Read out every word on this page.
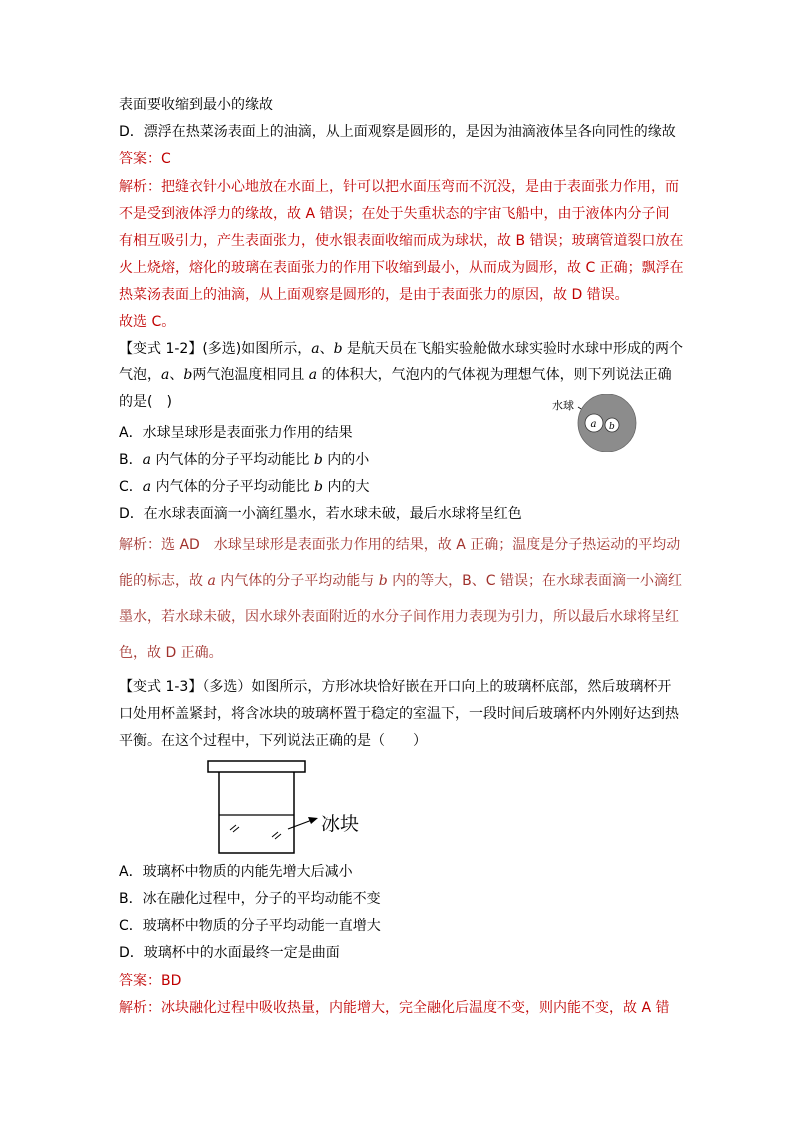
表面要收缩到最小的缘故
D．漂浮在热菜汤表面上的油滴，从上面观察是圆形的，是因为油滴液体呈各向同性的缘故
答案：C
解析：把缝衣针小心地放在水面上，针可以把水面压弯而不沉没，是由于表面张力作用，而
不是受到液体浮力的缘故，故 A 错误；在处于失重状态的宇宙飞船中，由于液体内分子间
有相互吸引力，产生表面张力，使水银表面收缩而成为球状，故 B 错误；玻璃管道裂口放在
火上烧熔，熔化的玻璃在表面张力的作用下收缩到最小，从而成为圆形，故 C 正确；飘浮在
热菜汤表面上的油滴，从上面观察是圆形的，是由于表面张力的原因，故 D 错误。
故选 C。
【变式 1-2】(多选)如图所示，a、b 是航天员在飞船实验舱做水球实验时水球中形成的两个
气泡，a、b两气泡温度相同且 a 的体积大，气泡内的气体视为理想气体，则下列说法正确
的是(　)	水球
a b
A．水球呈球形是表面张力作用的结果
B．a 内气体的分子平均动能比 b 内的小
C．a 内气体的分子平均动能比 b 内的大
D．在水球表面滴一小滴红墨水，若水球未破，最后水球将呈红色
解析：选 AD　水球呈球形是表面张力作用的结果，故 A 正确；温度是分子热运动的平均动
能的标志，故 a 内气体的分子平均动能与 b 内的等大，B、C 错误；在水球表面滴一小滴红
墨水，若水球未破，因水球外表面附近的水分子间作用力表现为引力，所以最后水球将呈红
色，故 D 正确。
【变式 1-3】（多选）如图所示，方形冰块恰好嵌在开口向上的玻璃杯底部，然后玻璃杯开
口处用杯盖紧封，将含冰块的玻璃杯置于稳定的室温下，一段时间后玻璃杯内外刚好达到热
平衡。在这个过程中，下列说法正确的是（　　）
冰块
A．玻璃杯中物质的内能先增大后减小
B．冰在融化过程中，分子的平均动能不变
C．玻璃杯中物质的分子平均动能一直增大
D．玻璃杯中的水面最终一定是曲面
答案：BD
解析：冰块融化过程中吸收热量，内能增大，完全融化后温度不变，则内能不变，故 A 错
